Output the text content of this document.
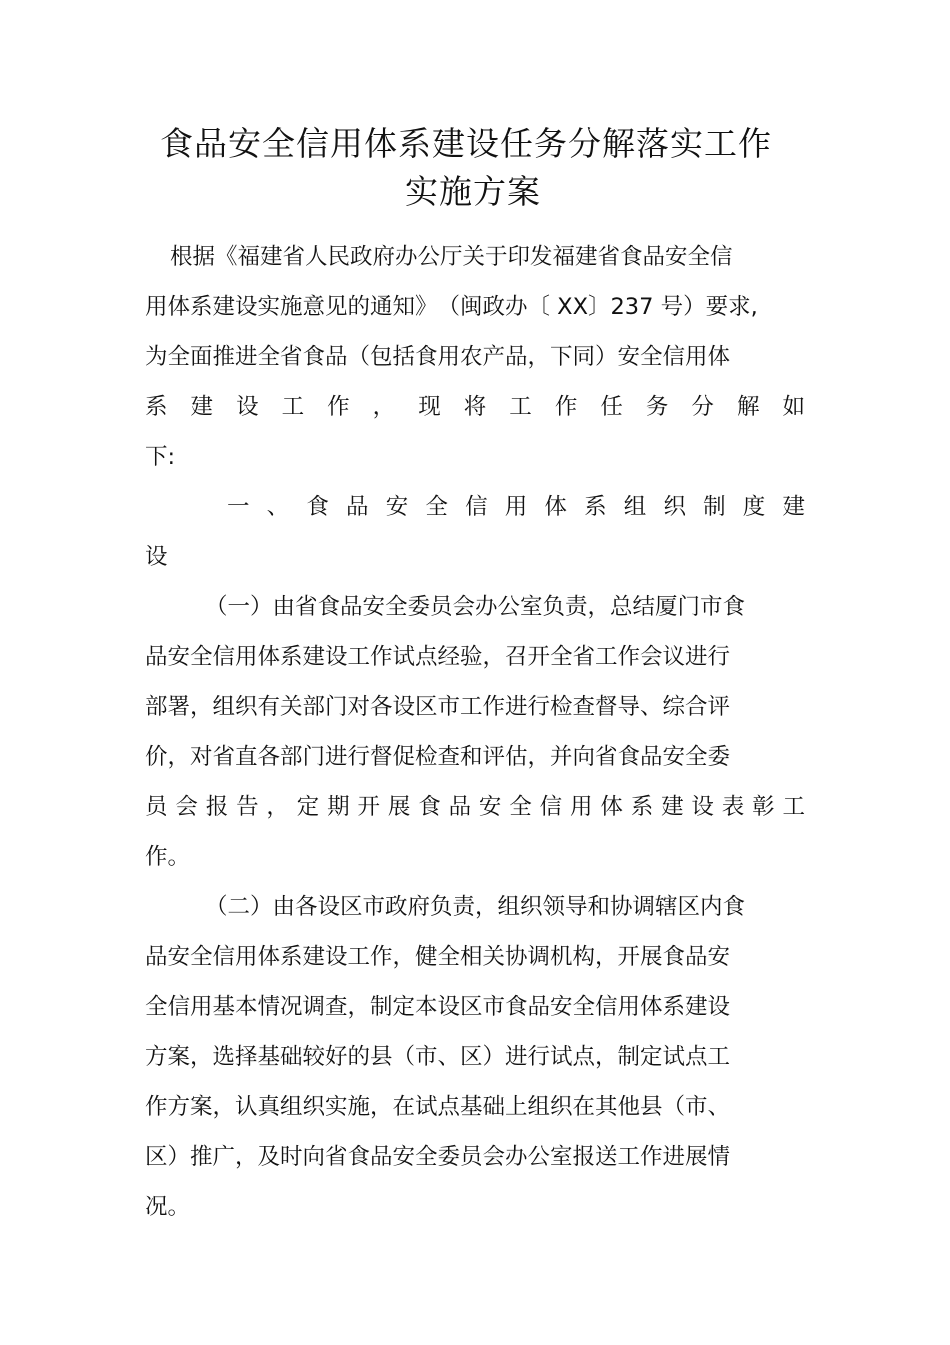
食品安全信用体系建设任务分解落实工作
实施方案
根据《福建省人民政府办公厅关于印发福建省食品安全信
用体系建设实施意见的通知》　（闽政办〔 XX〕237 号）要求,
为全面推进全省食品（包括食用农产品，下同）安全信用体
系 建 设 工 作 ， 现 将 工 作 任 务 分 解 如
下:
一 、 食 品 安 全 信 用 体 系 组 织 制 度 建
设
（一）由省食品安全委员会办公室负责，总结厦门市食
品安全信用体系建设工作试点经验，召开全省工作会议进行
部署，组织有关部门对各设区市工作进行检查督导、综合评
价，对省直各部门进行督促检查和评估，并向省食品安全委
员 会 报 告 ， 定 期 开 展 食 品 安 全 信 用 体 系 建 设 表 彰 工
作。
（二）由各设区市政府负责，组织领导和协调辖区内食
品安全信用体系建设工作，健全相关协调机构，开展食品安
全信用基本情况调查，制定本设区市食品安全信用体系建设
方案，选择基础较好的县（市、区）进行试点，制定试点工
作方案，认真组织实施，在试点基础上组织在其他县（市、
区）推广，及时向省食品安全委员会办公室报送工作进展情
况。
